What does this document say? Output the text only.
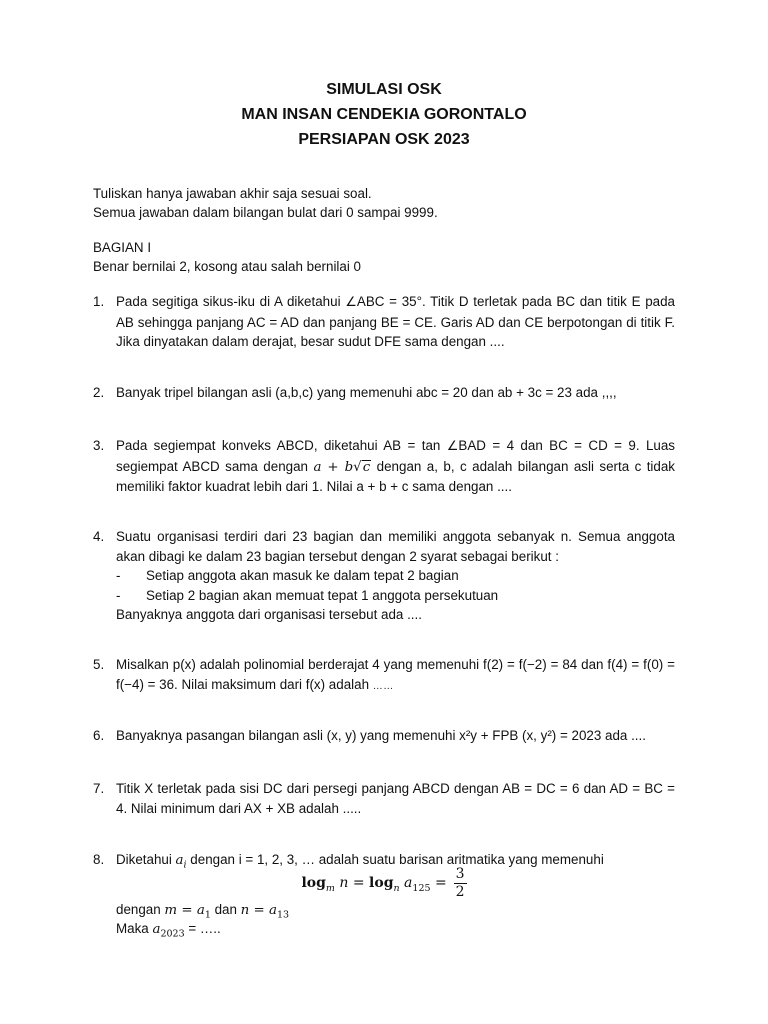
SIMULASI OSK
MAN INSAN CENDEKIA GORONTALO
PERSIAPAN OSK 2023
Tuliskan hanya jawaban akhir saja sesuai soal.
Semua jawaban dalam bilangan bulat dari 0 sampai 9999.
BAGIAN I
Benar bernilai 2, kosong atau salah bernilai 0
1. Pada segitiga sikus-iku di A diketahui ∠ABC = 35°. Titik D terletak pada BC dan titik E pada AB sehingga panjang AC = AD dan panjang BE = CE. Garis AD dan CE berpotongan di titik F. Jika dinyatakan dalam derajat, besar sudut DFE sama dengan ....
2. Banyak tripel bilangan asli (a,b,c) yang memenuhi abc = 20 dan ab + 3c = 23 ada ,,,,
3. Pada segiempat konveks ABCD, diketahui AB = tan ∠BAD = 4 dan BC = CD = 9. Luas segiempat ABCD sama dengan a + b√c dengan a, b, c adalah bilangan asli serta c tidak memiliki faktor kuadrat lebih dari 1. Nilai a + b + c sama dengan ....
4. Suatu organisasi terdiri dari 23 bagian dan memiliki anggota sebanyak n. Semua anggota akan dibagi ke dalam 23 bagian tersebut dengan 2 syarat sebagai berikut :
- Setiap anggota akan masuk ke dalam tepat 2 bagian
- Setiap 2 bagian akan memuat tepat 1 anggota persekutuan
Banyaknya anggota dari organisasi tersebut ada ....
5. Misalkan p(x) adalah polinomial berderajat 4 yang memenuhi f(2) = f(−2) = 84 dan f(4) = f(0) = f(−4) = 36. Nilai maksimum dari f(x) adalah ……
6. Banyaknya pasangan bilangan asli (x, y) yang memenuhi x²y + FPB (x, y²) = 2023 ada ....
7. Titik X terletak pada sisi DC dari persegi panjang ABCD dengan AB = DC = 6 dan AD = BC = 4. Nilai minimum dari AX + XB adalah .....
8. Diketahui $a_i$ dengan i = 1, 2, 3, … adalah suatu barisan aritmatika yang memenuhi
$\log_m n = \log_n a_{125} = \frac{3}{2}$
dengan $m = a_1$ dan $n = a_{13}$
Maka $a_{2023}$ = …..
